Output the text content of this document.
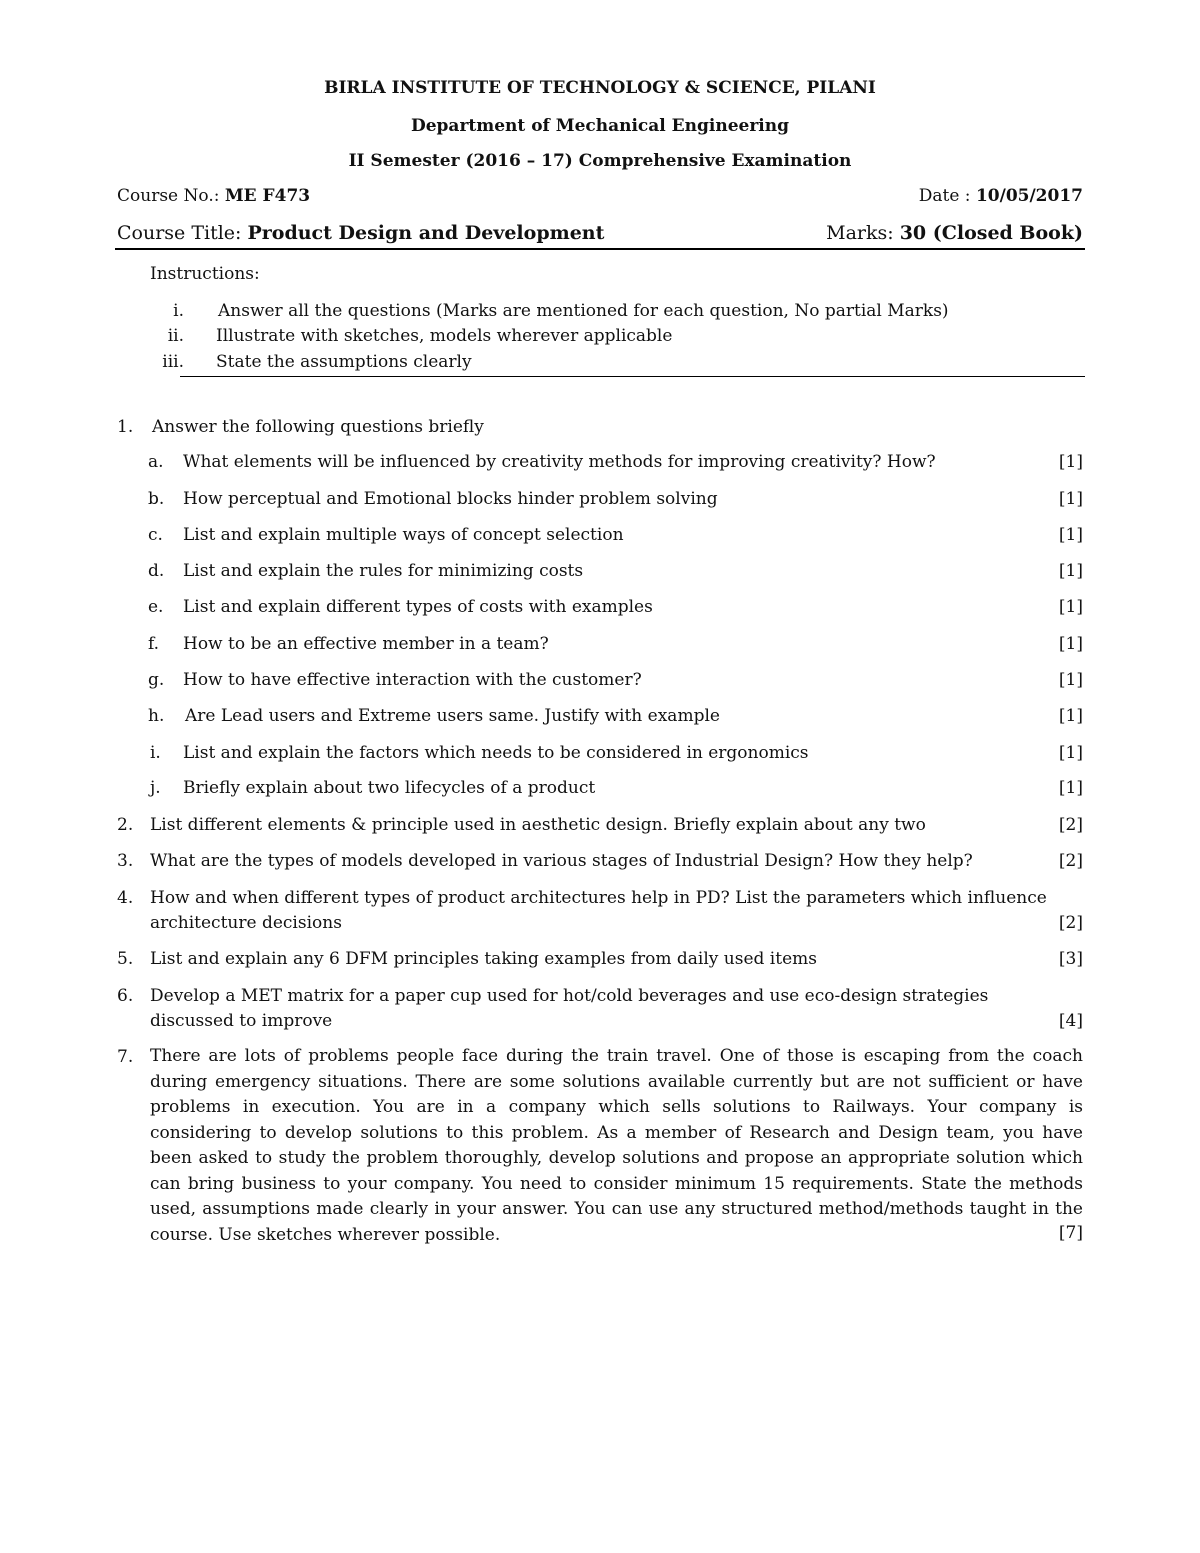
BIRLA INSTITUTE OF TECHNOLOGY & SCIENCE, PILANI
Department of Mechanical Engineering
II Semester (2016 – 17) Comprehensive Examination
Course No.: ME F473	Date : 10/05/2017
Course Title: Product Design and Development	Marks: 30 (Closed Book)
Instructions:
i. Answer all the questions (Marks are mentioned for each question, No partial Marks)
ii. Illustrate with sketches, models wherever applicable
iii. State the assumptions clearly
1. Answer the following questions briefly
a. What elements will be influenced by creativity methods for improving creativity? How?	[1]
b. How perceptual and Emotional blocks hinder problem solving	[1]
c. List and explain multiple ways of concept selection	[1]
d. List and explain the rules for minimizing costs	[1]
e. List and explain different types of costs with examples	[1]
f. How to be an effective member in a team?	[1]
g. How to have effective interaction with the customer?	[1]
h. Are Lead users and Extreme users same. Justify with example	[1]
i. List and explain the factors which needs to be considered in ergonomics	[1]
j. Briefly explain about two lifecycles of a product	[1]
2. List different elements & principle used in aesthetic design. Briefly explain about any two	[2]
3. What are the types of models developed in various stages of Industrial Design? How they help?	[2]
4. How and when different types of product architectures help in PD? List the parameters which influence
architecture decisions	[2]
5. List and explain any 6 DFM principles taking examples from daily used items	[3]
6. Develop a MET matrix for a paper cup used for hot/cold beverages and use eco-design strategies
discussed to improve	[4]
7. There are lots of problems people face during the train travel. One of those is escaping from the coach during emergency situations. There are some solutions available currently but are not sufficient or have problems in execution. You are in a company which sells solutions to Railways. Your company is considering to develop solutions to this problem. As a member of Research and Design team, you have been asked to study the problem thoroughly, develop solutions and propose an appropriate solution which can bring business to your company. You need to consider minimum 15 requirements. State the methods used, assumptions made clearly in your answer. You can use any structured method/methods taught in the course. Use sketches wherever possible.	[7]
